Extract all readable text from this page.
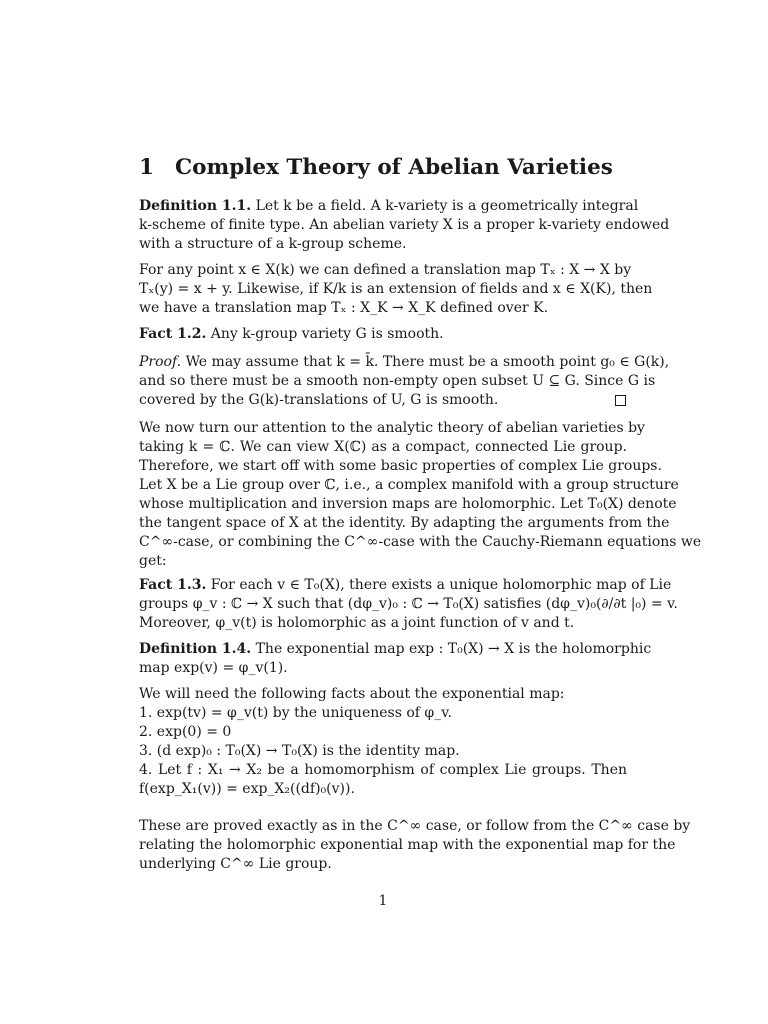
1 Complex Theory of Abelian Varieties
Definition 1.1. Let k be a field. A k-variety is a geometrically integral
k-scheme of finite type. An abelian variety X is a proper k-variety endowed
with a structure of a k-group scheme.
For any point x ∈ X(k) we can defined a translation map Tₓ : X → X by
Tₓ(y) = x + y. Likewise, if K/k is an extension of fields and x ∈ X(K), then
we have a translation map Tₓ : X_K → X_K defined over K.
Fact 1.2. Any k-group variety G is smooth.
Proof. We may assume that k = k̄. There must be a smooth point g₀ ∈ G(k),
and so there must be a smooth non-empty open subset U ⊆ G. Since G is
covered by the G(k)-translations of U, G is smooth.
We now turn our attention to the analytic theory of abelian varieties by
taking k = ℂ. We can view X(ℂ) as a compact, connected Lie group.
Therefore, we start off with some basic properties of complex Lie groups.
Let X be a Lie group over ℂ, i.e., a complex manifold with a group structure
whose multiplication and inversion maps are holomorphic. Let T₀(X) denote
the tangent space of X at the identity. By adapting the arguments from the
C^∞-case, or combining the C^∞-case with the Cauchy-Riemann equations we
get:
Fact 1.3. For each v ∈ T₀(X), there exists a unique holomorphic map of Lie
groups φ_v : ℂ → X such that (dφ_v)₀ : ℂ → T₀(X) satisfies (dφ_v)₀(∂/∂t |₀) = v.
Moreover, φ_v(t) is holomorphic as a joint function of v and t.
Definition 1.4. The exponential map exp : T₀(X) → X is the holomorphic
map exp(v) = φ_v(1).
We will need the following facts about the exponential map:
1. exp(tv) = φ_v(t) by the uniqueness of φ_v.
2. exp(0) = 0
3. (d exp)₀ : T₀(X) → T₀(X) is the identity map.
4. Let f : X₁ → X₂ be a homomorphism of complex Lie groups. Then
f(exp_X₁(v)) = exp_X₂((df)₀(v)).
These are proved exactly as in the C^∞ case, or follow from the C^∞ case by
relating the holomorphic exponential map with the exponential map for the
underlying C^∞ Lie group.
1
